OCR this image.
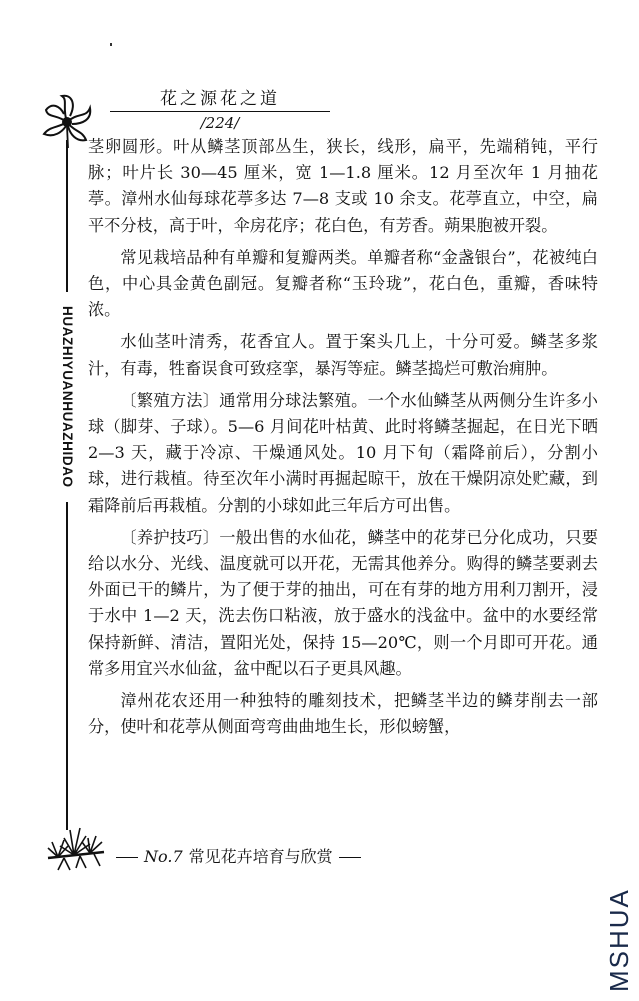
花之源花之道
/224/
HUAZHIYUANHUAZHIDAO

茎卵圆形。叶从鳞茎顶部丛生，狭长，线形，扁平，先端稍钝，平行脉；叶片长 30—45 厘米，宽 1—1.8 厘米。12 月至次年 1 月抽花葶。漳州水仙每球花葶多达 7—8 支或 10 余支。花葶直立，中空，扁平不分枝，高于叶，伞房花序；花白色，有芳香。蒴果胞被开裂。

常见栽培品种有单瓣和复瓣两类。单瓣者称“金盏银台”，花被纯白色，中心具金黄色副冠。复瓣者称“玉玲珑”，花白色，重瓣，香味特浓。

水仙茎叶清秀，花香宜人。置于案头几上，十分可爱。鳞茎多浆汁，有毒，牲畜误食可致痉挛，暴泻等症。鳞茎捣烂可敷治痈肿。

〔繁殖方法〕通常用分球法繁殖。一个水仙鳞茎从两侧分生许多小球（脚芽、子球）。5—6 月间花叶枯黄、此时将鳞茎掘起，在日光下晒 2—3 天，藏于冷凉、干燥通风处。10 月下旬（霜降前后），分割小球，进行栽植。待至次年小满时再掘起晾干，放在干燥阴凉处贮藏，到霜降前后再栽植。分割的小球如此三年后方可出售。

〔养护技巧〕一般出售的水仙花，鳞茎中的花芽已分化成功，只要给以水分、光线、温度就可以开花，无需其他养分。购得的鳞茎要剥去外面已干的鳞片，为了便于芽的抽出，可在有芽的地方用利刀割开，浸于水中 1—2 天，洗去伤口粘液，放于盛水的浅盆中。盆中的水要经常保持新鲜、清洁，置阳光处，保持 15—20℃，则一个月即可开花。通常多用宜兴水仙盆，盆中配以石子更具风趣。

漳州花农还用一种独特的雕刻技术，把鳞茎半边的鳞芽削去一部分，使叶和花葶从侧面弯弯曲曲地生长，形似螃蟹，

No.7 常见花卉培育与欣赏
MSHUA
